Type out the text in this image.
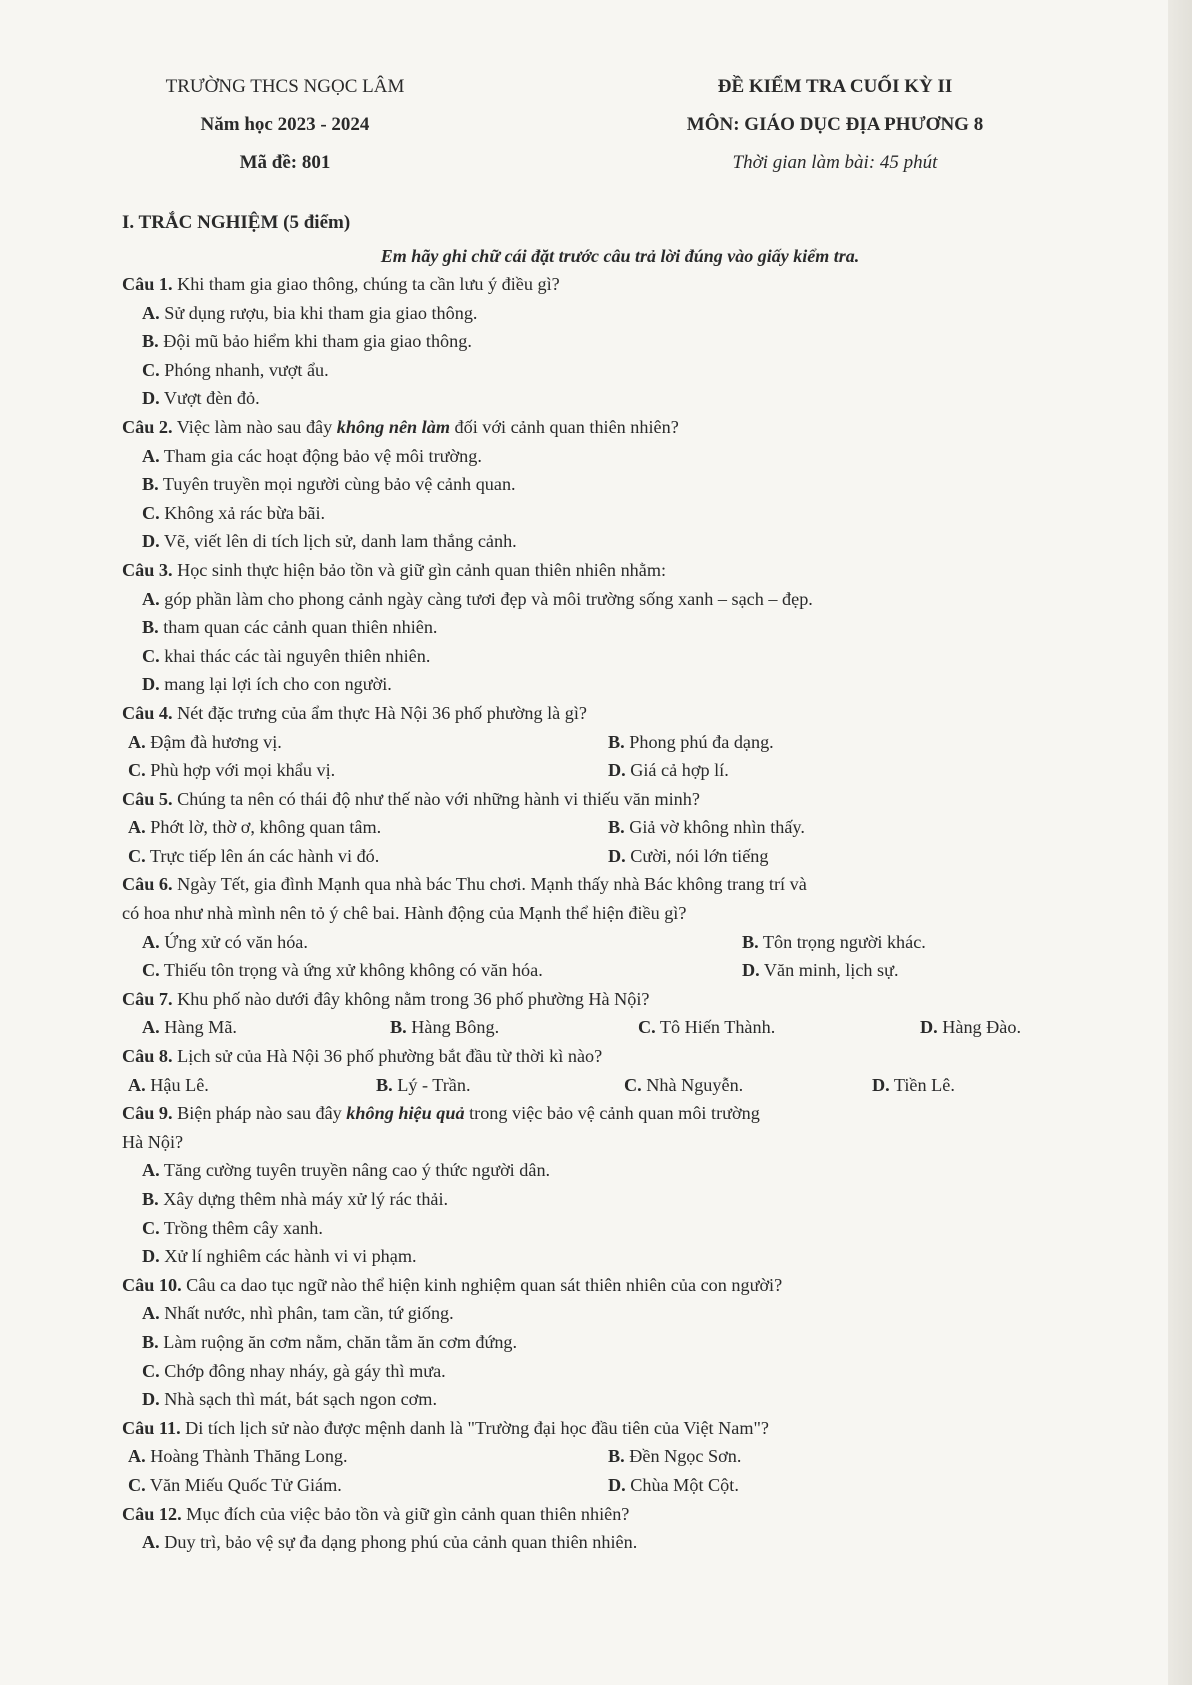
TRƯỜNG THCS NGỌC LÂM
Năm học 2023 - 2024
Mã đề: 801
ĐỀ KIỂM TRA CUỐI KỲ II
MÔN: GIÁO DỤC ĐỊA PHƯƠNG 8
Thời gian làm bài: 45 phút
I. TRẮC NGHIỆM (5 điểm)
Em hãy ghi chữ cái đặt trước câu trả lời đúng vào giấy kiểm tra.
Câu 1. Khi tham gia giao thông, chúng ta cần lưu ý điều gì?
A. Sử dụng rượu, bia khi tham gia giao thông.
B. Đội mũ bảo hiểm khi tham gia giao thông.
C. Phóng nhanh, vượt ẩu.
D. Vượt đèn đỏ.
Câu 2. Việc làm nào sau đây không nên làm đối với cảnh quan thiên nhiên?
A. Tham gia các hoạt động bảo vệ môi trường.
B. Tuyên truyền mọi người cùng bảo vệ cảnh quan.
C. Không xả rác bừa bãi.
D. Vẽ, viết lên di tích lịch sử, danh lam thắng cảnh.
Câu 3. Học sinh thực hiện bảo tồn và giữ gìn cảnh quan thiên nhiên nhằm:
A. góp phần làm cho phong cảnh ngày càng tươi đẹp và môi trường sống xanh – sạch – đẹp.
B. tham quan các cảnh quan thiên nhiên.
C. khai thác các tài nguyên thiên nhiên.
D. mang lại lợi ích cho con người.
Câu 4. Nét đặc trưng của ẩm thực Hà Nội 36 phố phường là gì?
A. Đậm đà hương vị.	B. Phong phú đa dạng.
C. Phù hợp với mọi khẩu vị.	D. Giá cả hợp lí.
Câu 5. Chúng ta nên có thái độ như thế nào với những hành vi thiếu văn minh?
A. Phớt lờ, thờ ơ, không quan tâm.	B. Giả vờ không nhìn thấy.
C. Trực tiếp lên án các hành vi đó.	D. Cười, nói lớn tiếng
Câu 6. Ngày Tết, gia đình Mạnh qua nhà bác Thu chơi. Mạnh thấy nhà Bác không trang trí và
có hoa như nhà mình nên tỏ ý chê bai. Hành động của Mạnh thể hiện điều gì?
A. Ứng xử có văn hóa.	B. Tôn trọng người khác.
C. Thiếu tôn trọng và ứng xử không không có văn hóa.	D. Văn minh, lịch sự.
Câu 7. Khu phố nào dưới đây không nằm trong 36 phố phường Hà Nội?
A. Hàng Mã.	B. Hàng Bông.	C. Tô Hiến Thành.	D. Hàng Đào.
Câu 8. Lịch sử của Hà Nội 36 phố phường bắt đầu từ thời kì nào?
A. Hậu Lê.	B. Lý - Trần.	C. Nhà Nguyễn.	D. Tiền Lê.
Câu 9. Biện pháp nào sau đây không hiệu quả trong việc bảo vệ cảnh quan môi trường
Hà Nội?
A. Tăng cường tuyên truyền nâng cao ý thức người dân.
B. Xây dựng thêm nhà máy xử lý rác thải.
C. Trồng thêm cây xanh.
D. Xử lí nghiêm các hành vi vi phạm.
Câu 10. Câu ca dao tục ngữ nào thể hiện kinh nghiệm quan sát thiên nhiên của con người?
A. Nhất nước, nhì phân, tam cần, tứ giống.
B. Làm ruộng ăn cơm nằm, chăn tằm ăn cơm đứng.
C. Chớp đông nhay nháy, gà gáy thì mưa.
D. Nhà sạch thì mát, bát sạch ngon cơm.
Câu 11. Di tích lịch sử nào được mệnh danh là "Trường đại học đầu tiên của Việt Nam"?
A. Hoàng Thành Thăng Long.	B. Đền Ngọc Sơn.
C. Văn Miếu Quốc Tử Giám.	D. Chùa Một Cột.
Câu 12. Mục đích của việc bảo tồn và giữ gìn cảnh quan thiên nhiên?
A. Duy trì, bảo vệ sự đa dạng phong phú của cảnh quan thiên nhiên.
